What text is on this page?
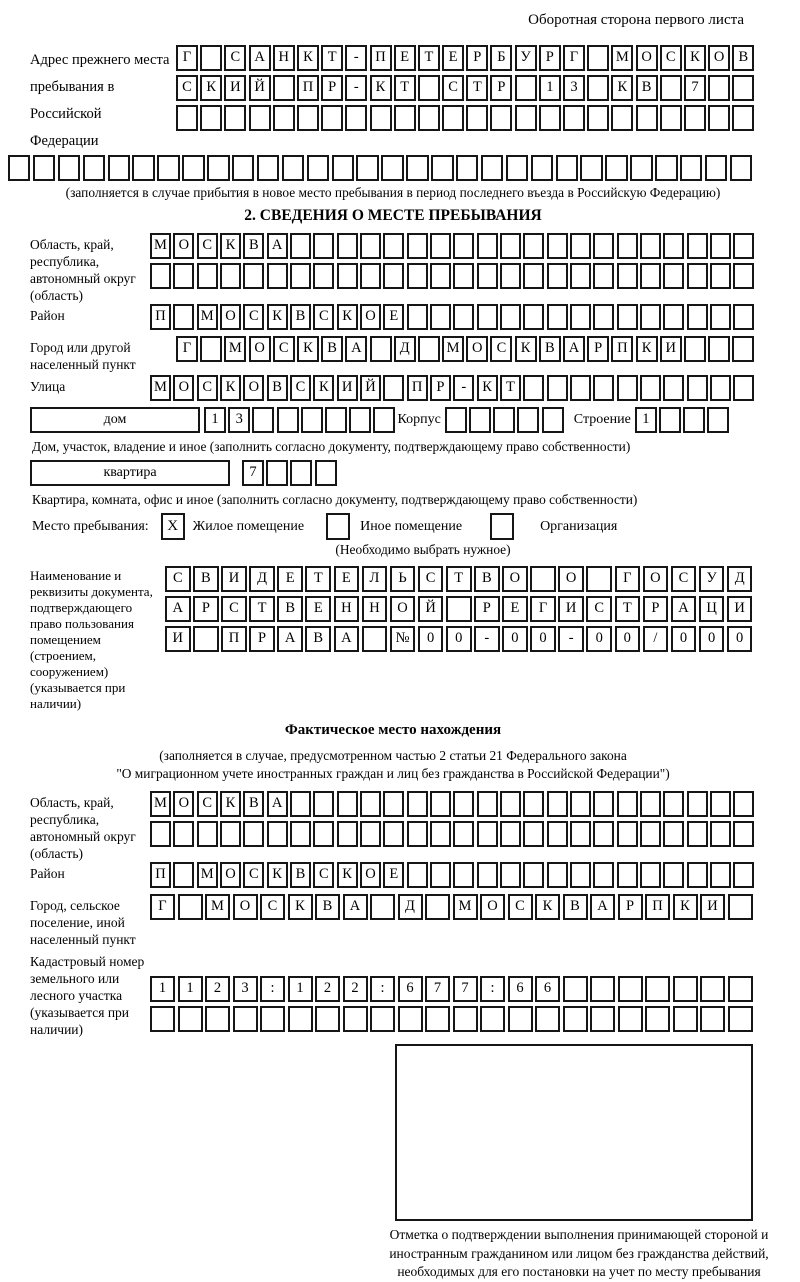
Оборотная сторона первого листа
Адрес прежнего места пребывания в Российской Федерации
Г	С А Н К Т - П Е Т Е Р Б У Р Г	М О С К О В
С К И Й	П Р - К Т	С Т Р	1 3	К В	7
(заполняется в случае прибытия в новое место пребывания в период последнего въезда в Российскую Федерацию)
2. СВЕДЕНИЯ О МЕСТЕ ПРЕБЫВАНИЯ
Область, край, республика, автономный округ (область)
М О С К В А
Район	П М О С К В С К О Е
Город или другой населенный пункт
Г	М О С К В А	Д	М О С К В А Р П К И
Улица	М О С К О В С К И Й П Р - К Т
дом	1 3	Корпус	Строение 1
Дом, участок, владение и иное (заполнить согласно документу, подтверждающему право собственности)
квартира	7
Квартира, комната, офис и иное (заполнить согласно документу, подтверждающему право собственности)
Место пребывания:	X	Жилое помещение	Иное помещение	Организация
(Необходимо выбрать нужное)
Наименование и реквизиты документа, подтверждающего право пользования помещением (строением, сооружением) (указывается при наличии)
С В И Д Е Т Е Л Ь С Т В О	О	Г О С У Д
А Р С Т В Е Н Н О Й	Р Е Г И С Т Р А Ц И
И	П Р А В А	№ 0 0 - 0 0 - 0 0 / 0 0 0
Фактическое место нахождения
(заполняется в случае, предусмотренном частью 2 статьи 21 Федерального закона
"О миграционном учете иностранных граждан и лиц без гражданства в Российской Федерации")
Область, край, республика, автономный округ (область)
М О С К В А
Район	П М О С К В С К О Е
Город, сельское поселение, иной населенный пункт
Г	М О С К В А	Д	М О С К В А Р П К И
Кадастровый номер земельного или лесного участка (указывается при наличии)
1 1 2 3 : 1 2 2 : 6 7 7 : 6 6
Отметка о подтверждении выполнения принимающей стороной и иностранным гражданином или лицом без гражданства действий, необходимых для его постановки на учет по месту пребывания
